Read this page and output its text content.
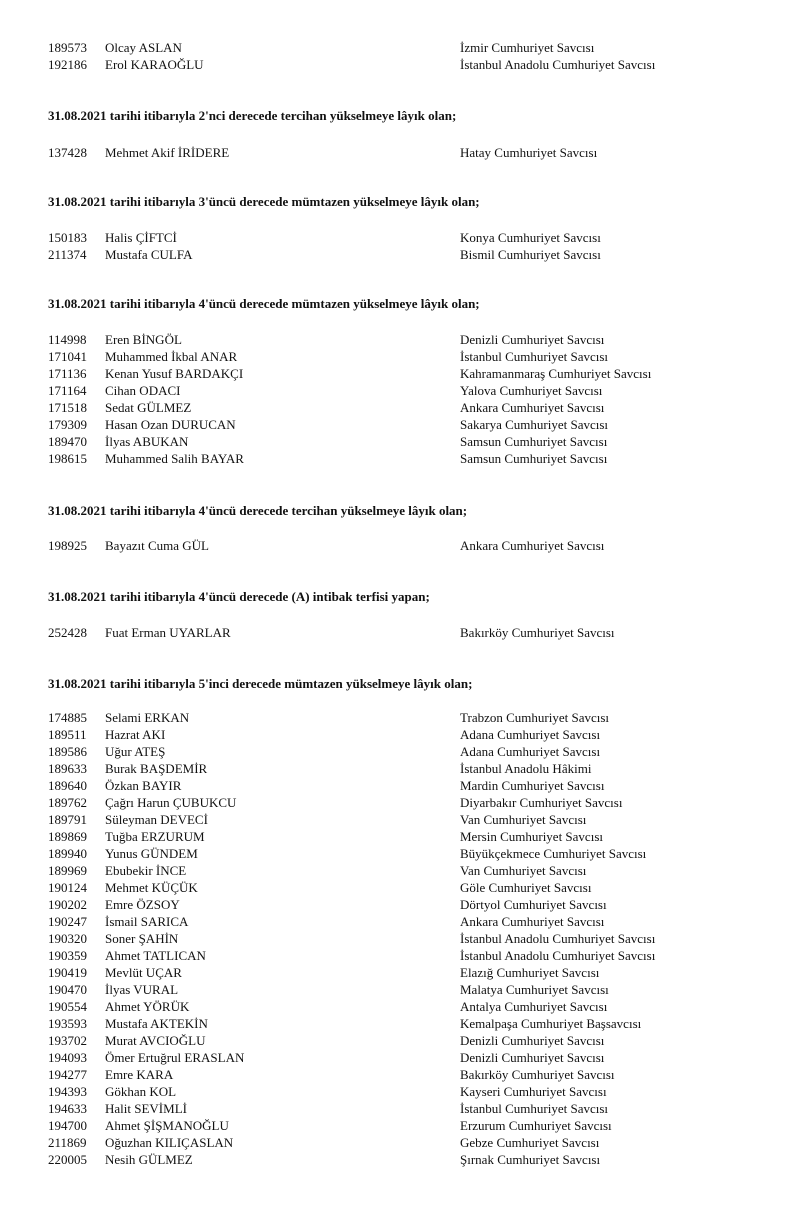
189573 Olcay ASLAN	İzmir Cumhuriyet Savcısı
192186 Erol KARAOĞLU	İstanbul Anadolu Cumhuriyet Savcısı
31.08.2021 tarihi itibarıyla 2'nci derecede tercihan yükselmeye lâyık olan;
137428 Mehmet Akif İRİDERE	Hatay Cumhuriyet Savcısı
31.08.2021 tarihi itibarıyla 3'üncü derecede mümtazen yükselmeye lâyık olan;
150183 Halis ÇİFTCİ	Konya Cumhuriyet Savcısı
211374 Mustafa CULFA	Bismil Cumhuriyet Savcısı
31.08.2021 tarihi itibarıyla 4'üncü derecede mümtazen yükselmeye lâyık olan;
114998 Eren BİNGÖL	Denizli Cumhuriyet Savcısı
171041 Muhammed İkbal ANAR	İstanbul Cumhuriyet Savcısı
171136 Kenan Yusuf BARDAKÇI	Kahramanmaraş Cumhuriyet Savcısı
171164 Cihan ODACI	Yalova Cumhuriyet Savcısı
171518 Sedat GÜLMEZ	Ankara Cumhuriyet Savcısı
179309 Hasan Ozan DURUCAN	Sakarya Cumhuriyet Savcısı
189470 İlyas ABUKAN	Samsun Cumhuriyet Savcısı
198615 Muhammed Salih BAYAR	Samsun Cumhuriyet Savcısı
31.08.2021 tarihi itibarıyla 4'üncü derecede tercihan yükselmeye lâyık olan;
198925 Bayazıt Cuma GÜL	Ankara Cumhuriyet Savcısı
31.08.2021 tarihi itibarıyla 4'üncü derecede (A) intibak terfisi yapan;
252428 Fuat Erman UYARLAR	Bakırköy Cumhuriyet Savcısı
31.08.2021 tarihi itibarıyla 5'inci derecede mümtazen yükselmeye lâyık olan;
174885 Selami ERKAN	Trabzon Cumhuriyet Savcısı
189511 Hazrat AKI	Adana Cumhuriyet Savcısı
189586 Uğur ATEŞ	Adana Cumhuriyet Savcısı
189633 Burak BAŞDEMİR	İstanbul Anadolu Hâkimi
189640 Özkan BAYIR	Mardin Cumhuriyet Savcısı
189762 Çağrı Harun ÇUBUKCU	Diyarbakır Cumhuriyet Savcısı
189791 Süleyman DEVECİ	Van Cumhuriyet Savcısı
189869 Tuğba ERZURUM	Mersin Cumhuriyet Savcısı
189940 Yunus GÜNDEM	Büyükçekmece Cumhuriyet Savcısı
189969 Ebubekir İNCE	Van Cumhuriyet Savcısı
190124 Mehmet KÜÇÜK	Göle Cumhuriyet Savcısı
190202 Emre ÖZSOY	Dörtyol Cumhuriyet Savcısı
190247 İsmail SARICA	Ankara Cumhuriyet Savcısı
190320 Soner ŞAHİN	İstanbul Anadolu Cumhuriyet Savcısı
190359 Ahmet TATLICAN	İstanbul Anadolu Cumhuriyet Savcısı
190419 Mevlüt UÇAR	Elazığ Cumhuriyet Savcısı
190470 İlyas VURAL	Malatya Cumhuriyet Savcısı
190554 Ahmet YÖRÜK	Antalya Cumhuriyet Savcısı
193593 Mustafa AKTEKİN	Kemalpaşa Cumhuriyet Başsavcısı
193702 Murat AVCIOĞLU	Denizli Cumhuriyet Savcısı
194093 Ömer Ertuğrul ERASLAN	Denizli Cumhuriyet Savcısı
194277 Emre KARA	Bakırköy Cumhuriyet Savcısı
194393 Gökhan KOL	Kayseri Cumhuriyet Savcısı
194633 Halit SEVİMLİ	İstanbul Cumhuriyet Savcısı
194700 Ahmet ŞİŞMANOĞLU	Erzurum Cumhuriyet Savcısı
211869 Oğuzhan KILIÇASLAN	Gebze Cumhuriyet Savcısı
220005 Nesih GÜLMEZ	Şırnak Cumhuriyet Savcısı
